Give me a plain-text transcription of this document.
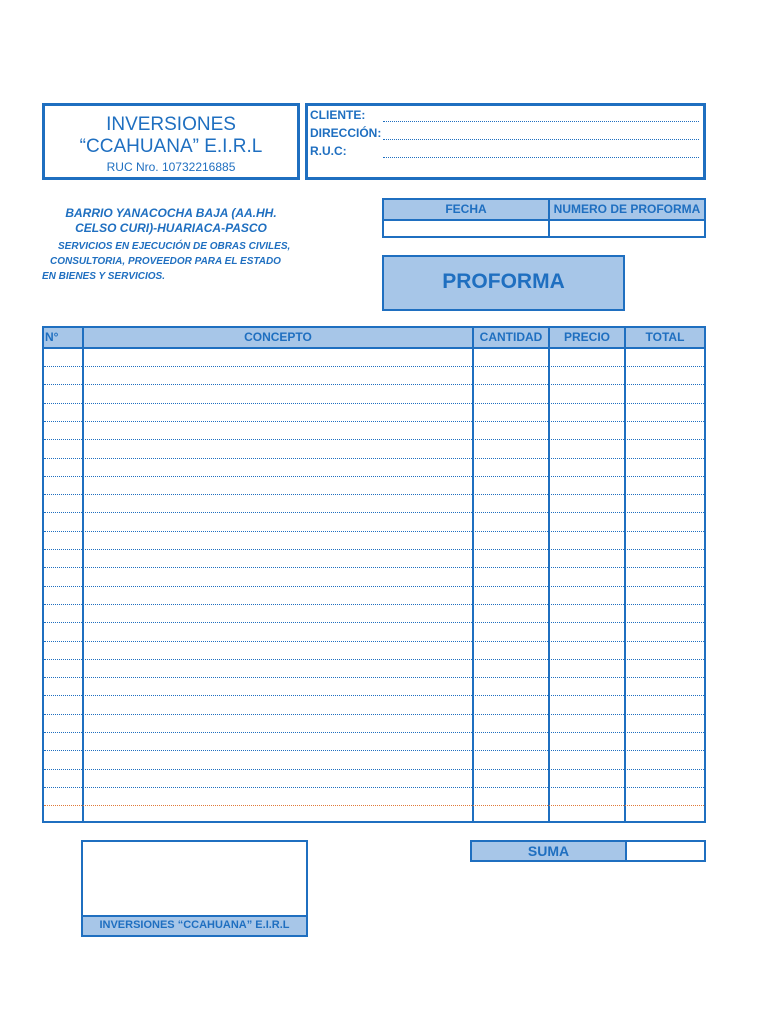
INVERSIONES
“CCAHUANA” E.I.R.L
RUC Nro. 10732216885
CLIENTE:
DIRECCIÓN:
R.U.C:
BARRIO YANACOCHA BAJA (AA.HH.
CELSO CURI)-HUARIACA-PASCO
SERVICIOS EN EJECUCIÓN DE OBRAS CIVILES,
CONSULTORIA, PROVEEDOR PARA EL ESTADO
EN BIENES Y SERVICIOS.
FECHA	NUMERO DE PROFORMA
PROFORMA
N°	CONCEPTO	CANTIDAD	PRECIO	TOTAL
INVERSIONES “CCAHUANA” E.I.R.L
SUMA
